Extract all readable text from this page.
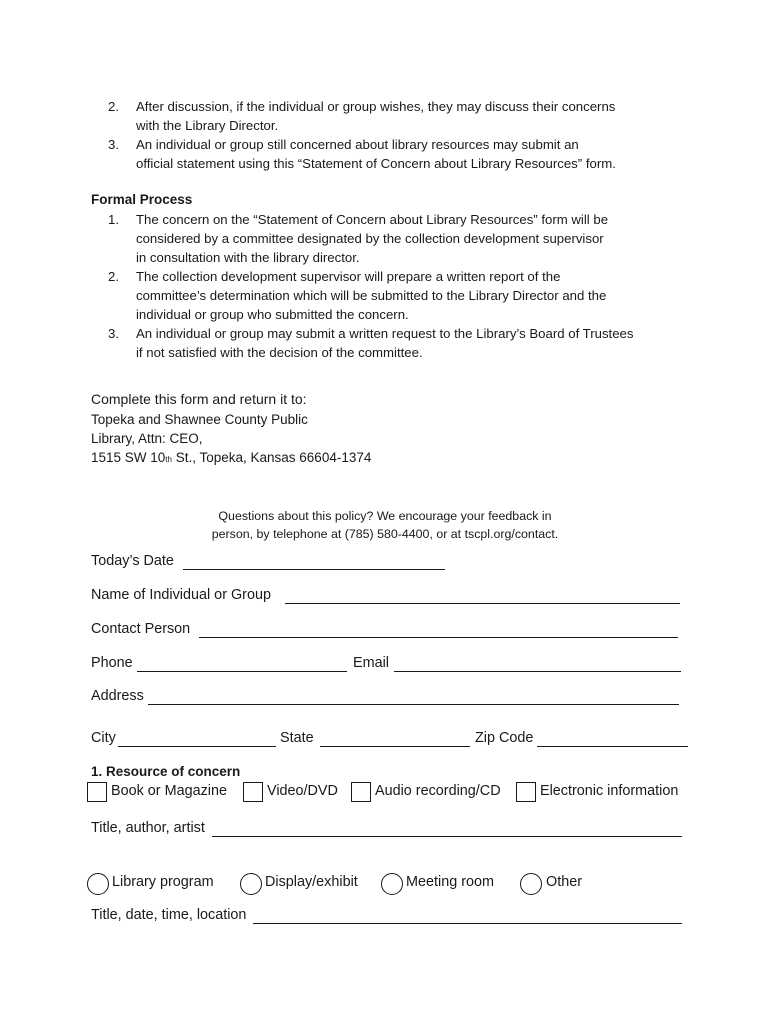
2. After discussion, if the individual or group wishes, they may discuss their concerns
with the Library Director.
3. An individual or group still concerned about library resources may submit an
official statement using this “Statement of Concern about Library Resources” form.
Formal Process
1. The concern on the “Statement of Concern about Library Resources” form will be
considered by a committee designated by the collection development supervisor
in consultation with the library director.
2. The collection development supervisor will prepare a written report of the
committee’s determination which will be submitted to the Library Director and the
individual or group who submitted the concern.
3. An individual or group may submit a written request to the Library’s Board of Trustees
if not satisfied with the decision of the committee.
Complete this form and return it to:
Topeka and Shawnee County Public
Library, Attn: CEO,
1515 SW 10th St., Topeka, Kansas 66604-1374
Questions about this policy? We encourage your feedback in
person, by telephone at (785) 580-4400, or at tscpl.org/contact.
Today’s Date
Name of Individual or Group
Contact Person
Phone	Email
Address
City	State	Zip Code
1. Resource of concern
Book or Magazine	Video/DVD	Audio recording/CD	Electronic information
Title, author, artist
Library program	Display/exhibit	Meeting room	Other
Title, date, time, location
